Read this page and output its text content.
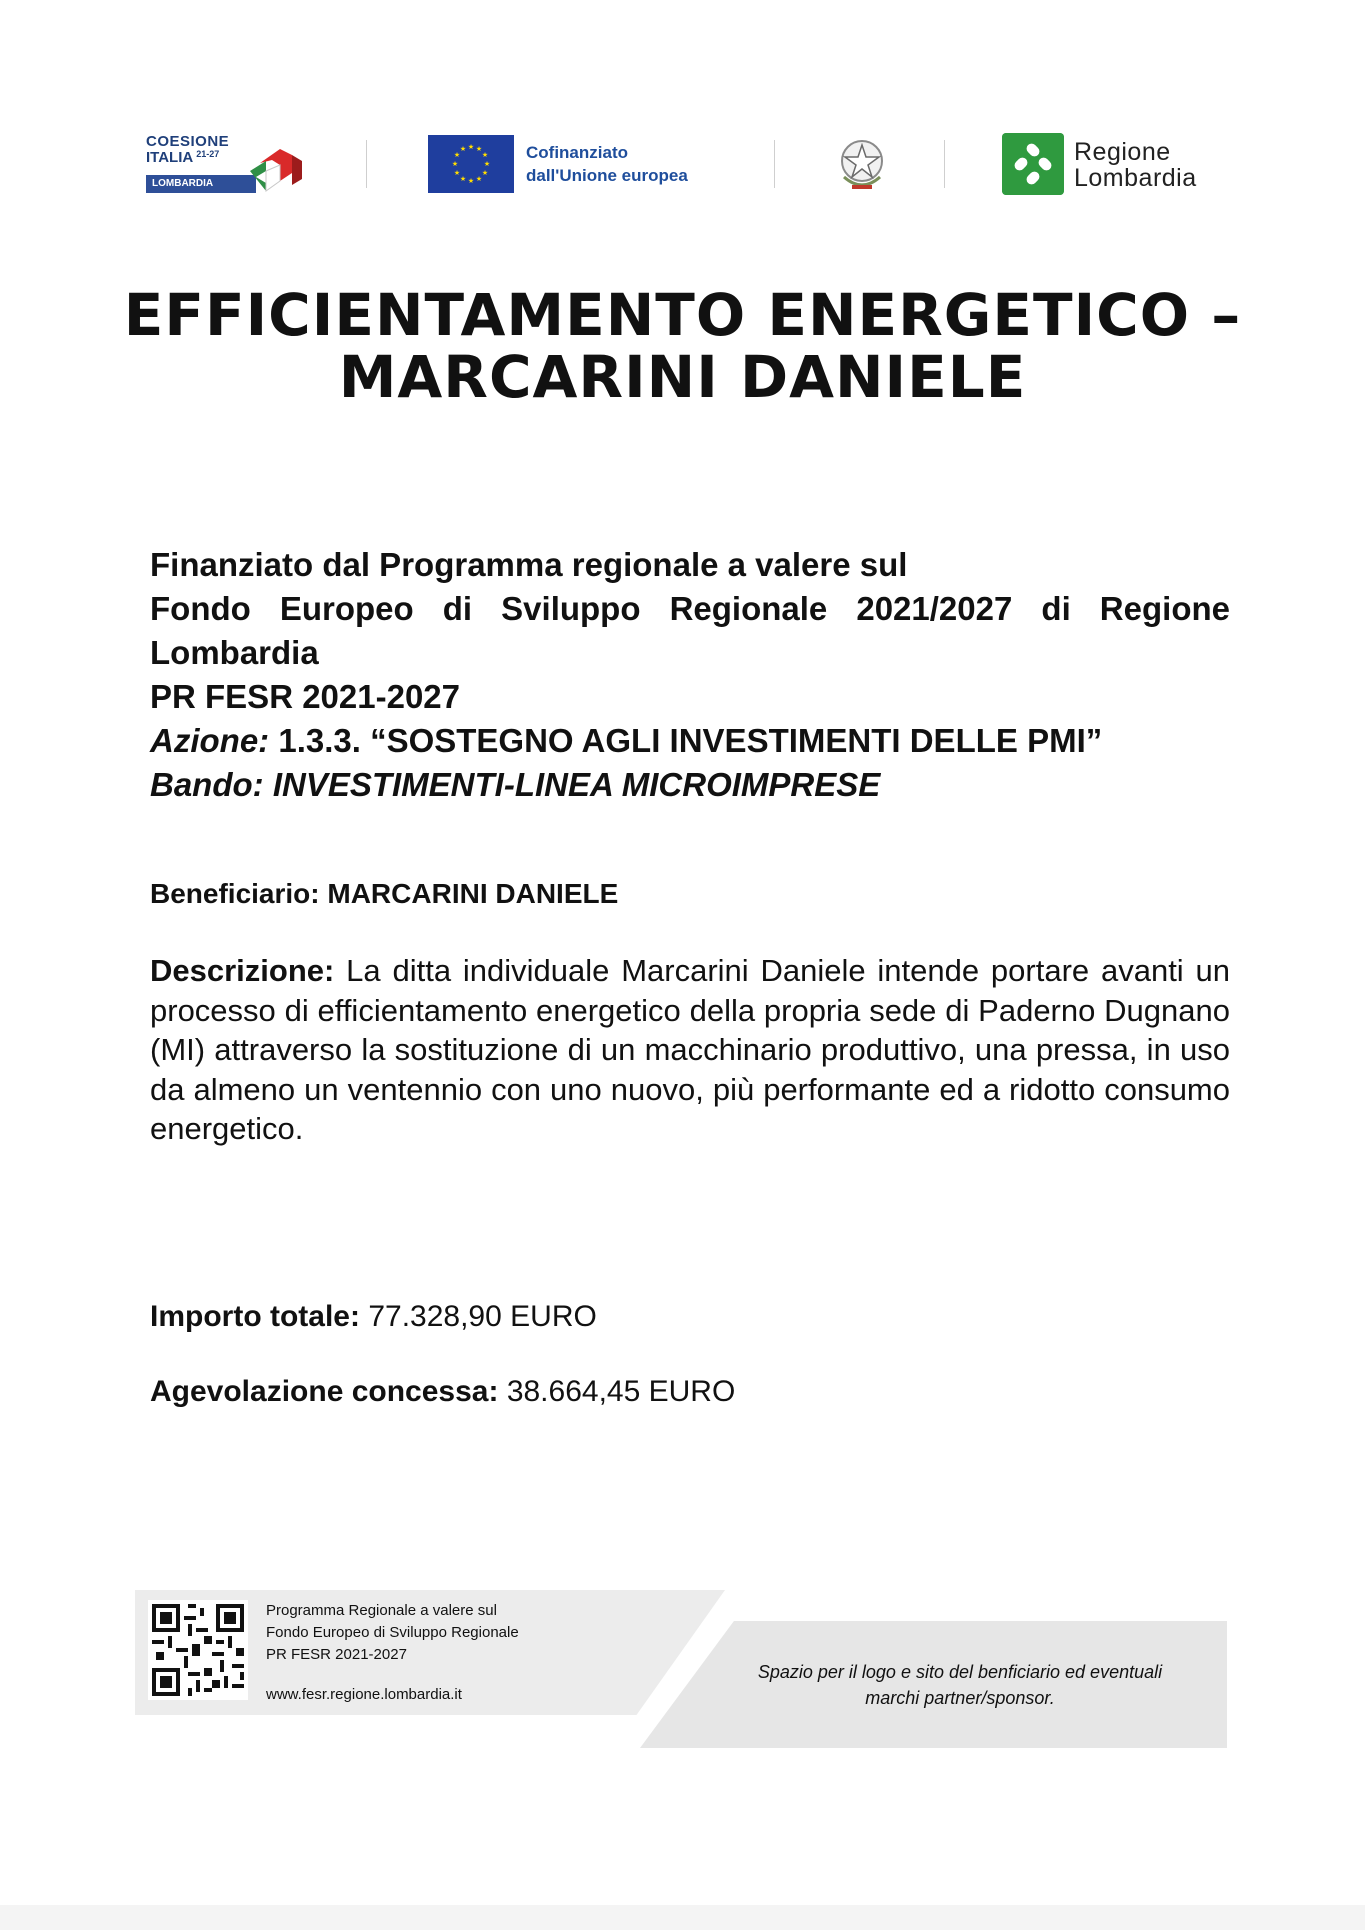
COESIONE
ITALIA $^{21-27}$
LOMBARDIA
★ ★
★
★
★
★
★
★
★
★
★
★	Cofinanziato
dall'Unione europea
Regione
Lombardia
EFFICIENTAMENTO ENERGETICO –
MARCARINI DANIELE
Finanziato dal Programma regionale a valere sul
Fondo Europeo di Sviluppo Regionale 2021/2027 di Regione
Lombardia
PR FESR 2021-2027
Azione: 1.3.3. “SOSTEGNO AGLI INVESTIMENTI DELLE PMI”
Bando: INVESTIMENTI-LINEA MICROIMPRESE
Beneficiario: MARCARINI DANIELE
Descrizione: La ditta individuale Marcarini Daniele intende portare avanti un processo di efficientamento energetico della propria sede di Paderno Dugnano (MI) attraverso la sostituzione di un macchinario produttivo, una pressa, in uso da almeno un ventennio con uno nuovo, più performante ed a ridotto consumo energetico.
Importo totale: 77.328,90 EURO
Agevolazione concessa: 38.664,45 EURO
Programma Regionale a valere sul
Fondo Europeo di Sviluppo Regionale
PR FESR 2021-2027
www.fesr.regione.lombardia.it
Spazio per il logo e sito del benficiario ed eventuali
marchi partner/sponsor.
